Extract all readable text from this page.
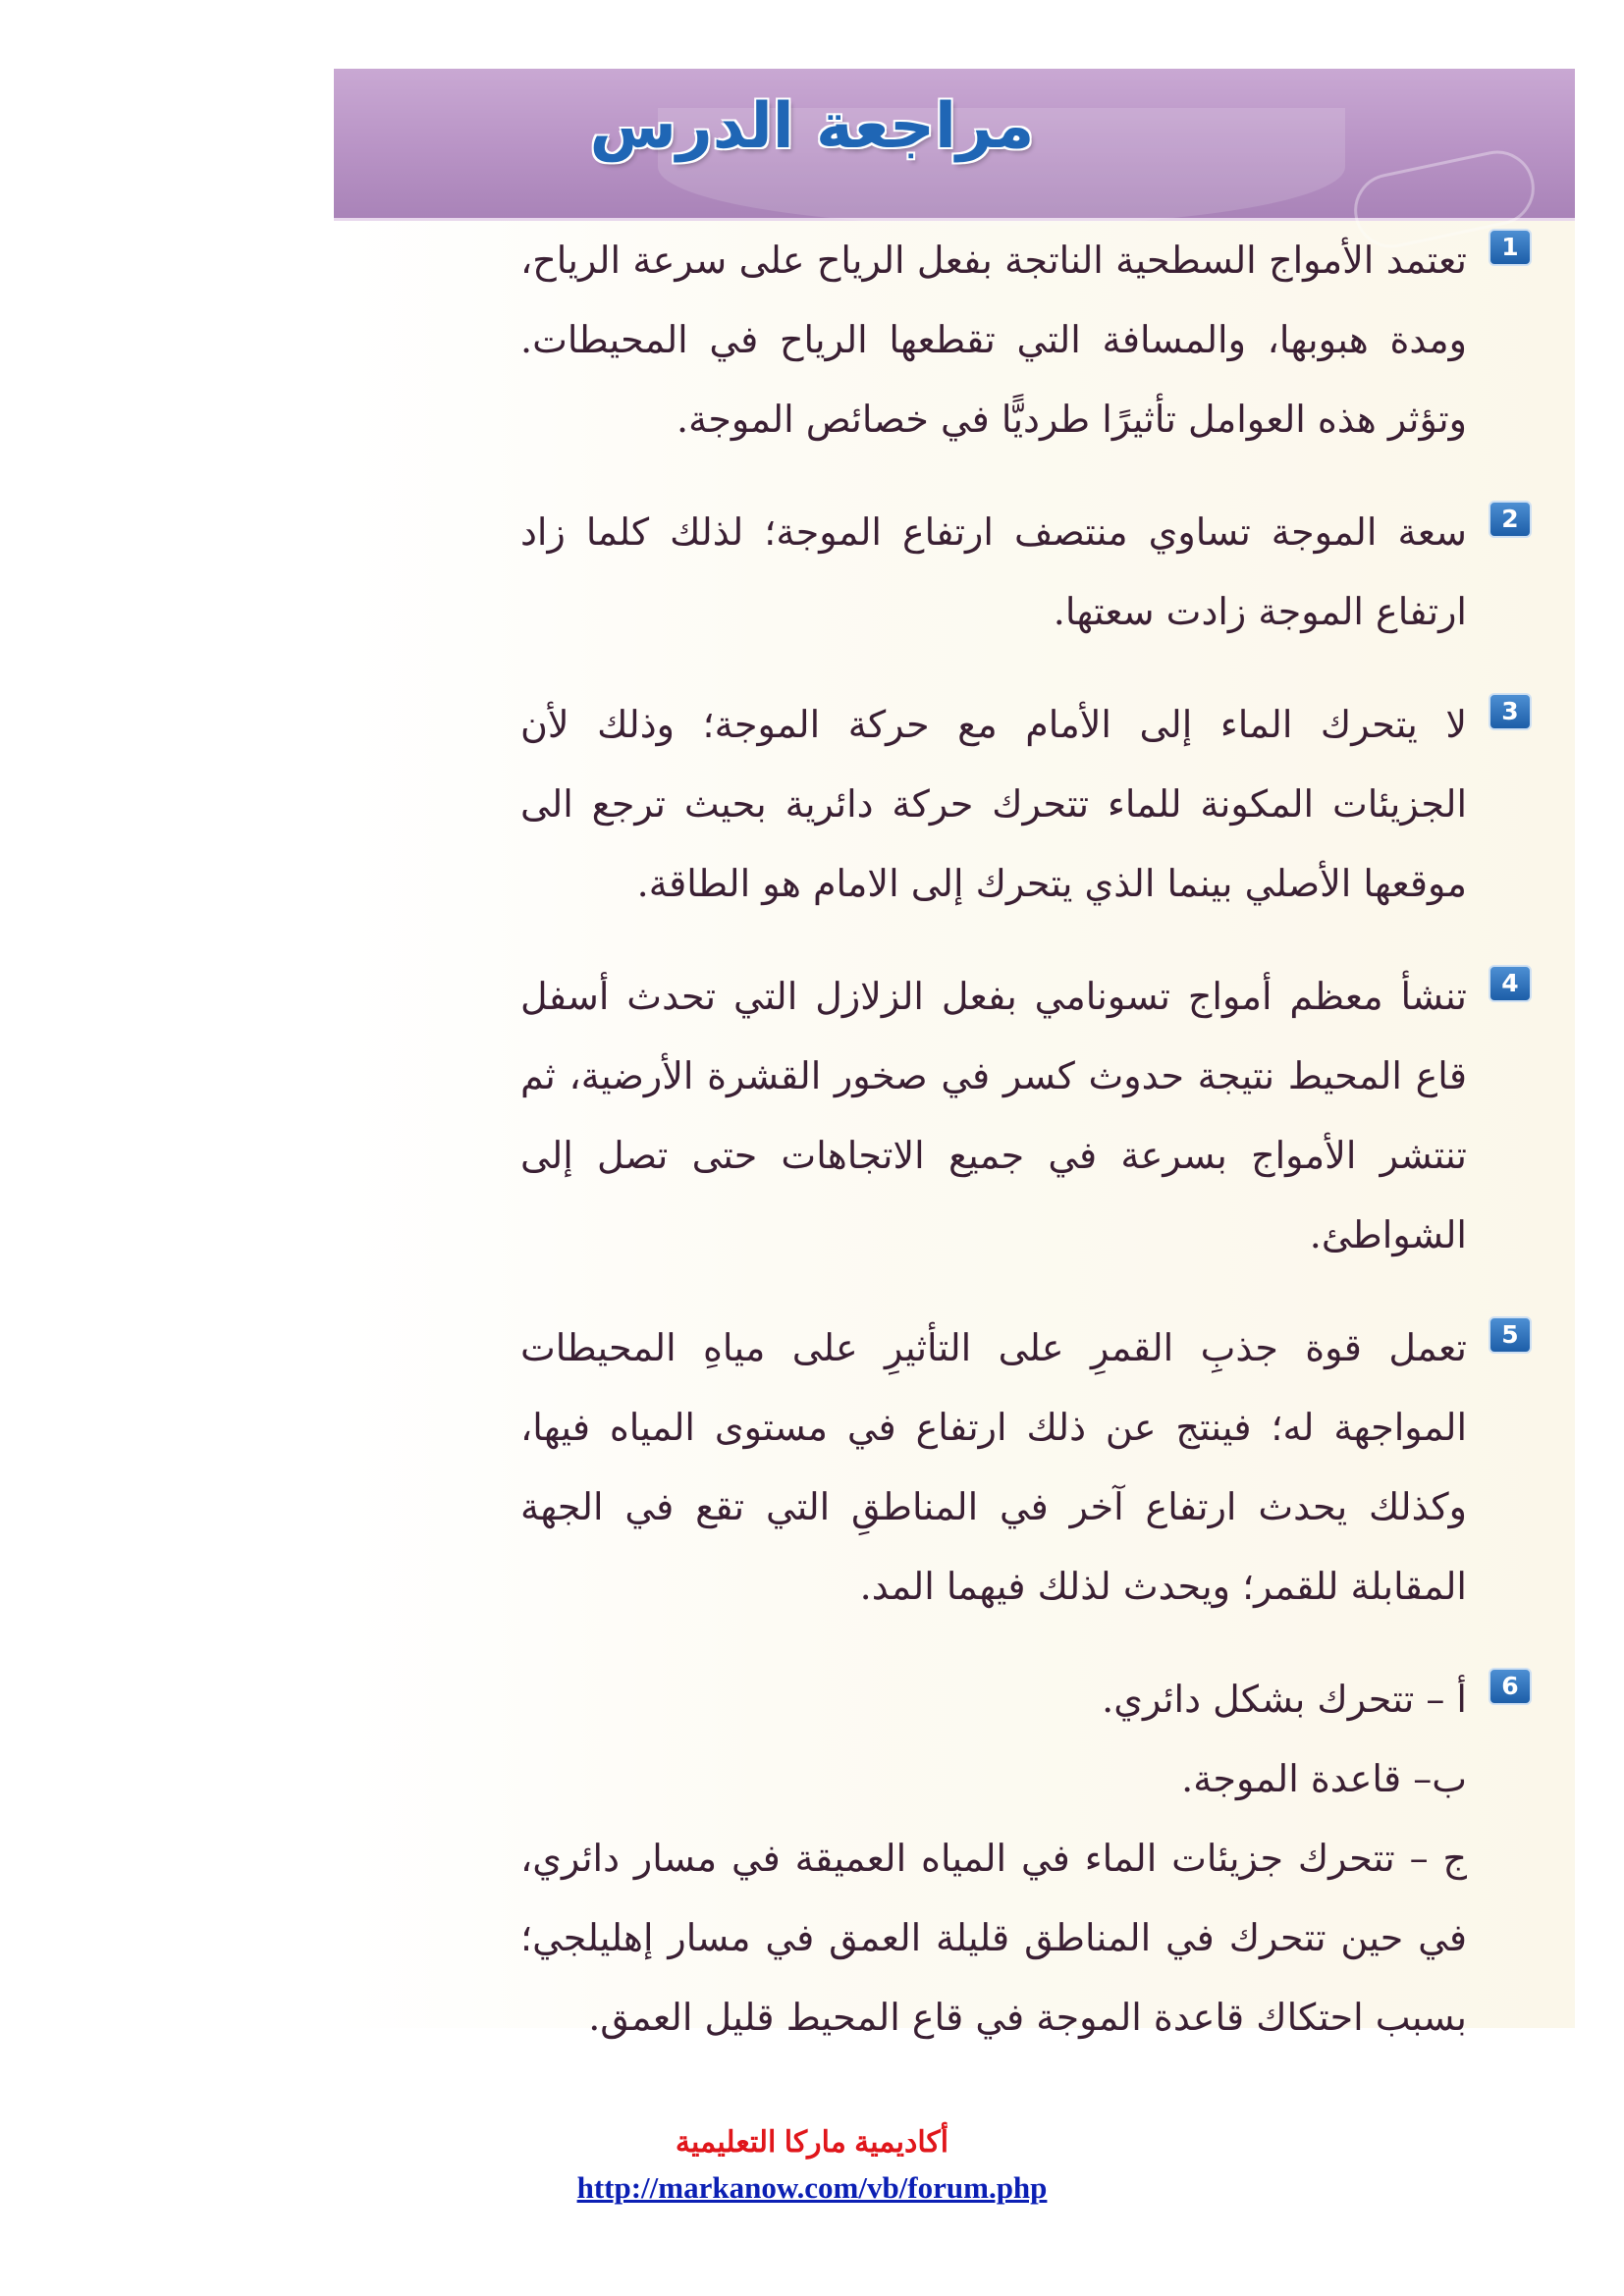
مراجعة الدرس
1
تعتمد الأمواج السطحية الناتجة بفعل الرياح على سرعة الرياح، ومدة هبوبها، والمسافة التي تقطعها الرياح في المحيطات. وتؤثر هذه العوامل تأثيرًا طرديًّا في خصائص الموجة.
2
سعة الموجة تساوي منتصف ارتفاع الموجة؛ لذلك كلما زاد ارتفاع الموجة زادت سعتها.
3
لا يتحرك الماء إلى الأمام مع حركة الموجة؛ وذلك لأن الجزيئات المكونة للماء تتحرك حركة دائرية بحيث ترجع الى موقعها الأصلي بينما الذي يتحرك إلى الامام هو الطاقة.
4
تنشأ معظم أمواج تسونامي بفعل الزلازل التي تحدث أسفل قاع المحيط نتيجة حدوث كسر في صخور القشرة الأرضية، ثم تنتشر الأمواج بسرعة في جميع الاتجاهات حتى تصل إلى الشواطئ.
5
تعمل قوة جذبِ القمرِ على التأثيرِ على مياهِ المحيطات المواجهة له؛ فينتج عن ذلك ارتفاع في مستوى المياه فيها، وكذلك يحدث ارتفاع آخر في المناطقِ التي تقع في الجهة المقابلة للقمر؛ ويحدث لذلك فيهما المد.
6
أ – تتحرك بشكل دائري.
ب– قاعدة الموجة.
ج – تتحرك جزيئات الماء في المياه العميقة في مسار دائري، في حين تتحرك في المناطق قليلة العمق في مسار إهليلجي؛ بسبب احتكاك قاعدة الموجة في قاع المحيط قليل العمق.
أكاديمية ماركا التعليمية
http://markanow.com/vb/forum.php
